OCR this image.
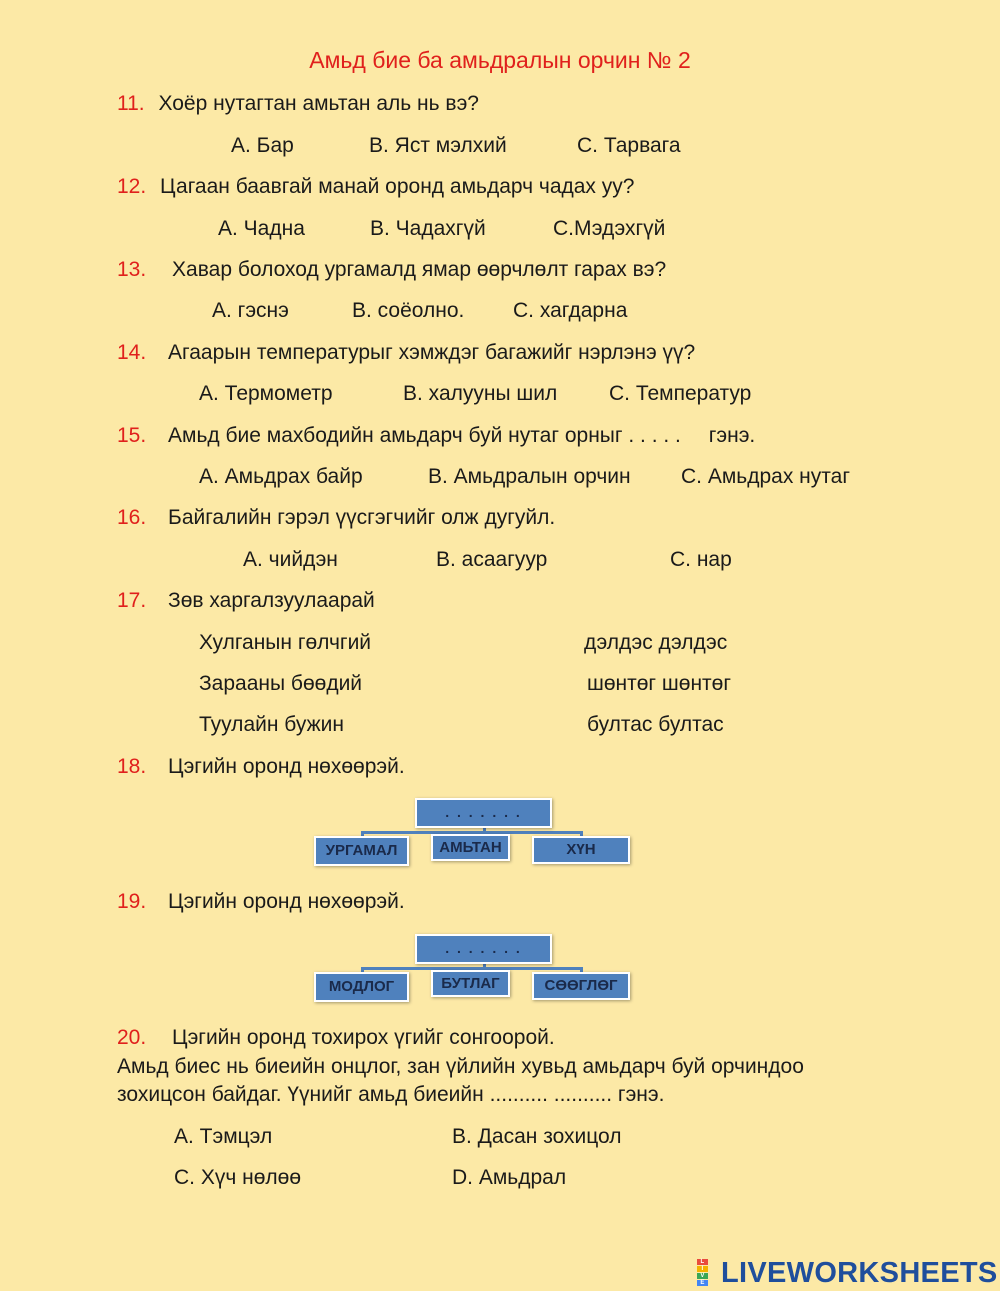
Амьд бие ба амьдралын орчин № 2
11. Хоёр нутагтан амьтан аль нь вэ?
А. Бар	В. Яст мэлхий	С. Тарвага
12. Цагаан баавгай манай оронд амьдарч чадах уу?
А. Чадна	В. Чадахгүй	С.Мэдэхгүй
13. Хавар болоход ургамалд ямар өөрчлөлт гарах вэ?
А. гэснэ	В. соёолно. С. хагдарна
14. Агаарын температурыг хэмждэг багажийг нэрлэнэ үү?
А. Термометр	В. халууны шил С. Температур
15. Амьд бие махбодийн амьдарч буй нутаг орныг . . . . . гэнэ.
А. Амьдрах байр	В. Амьдралын орчин С. Амьдрах нутаг
16. Байгалийн гэрэл үүсгэгчийг олж дугуйл.
А. чийдэн	В. асаагуур	С. нар
17. Зөв харгалзуулаарай
Хулганын гөлчгий	дэлдэс дэлдэс
Зарааны бөөдий	шөнтөг шөнтөг
Туулайн бужин	бултас бултас
18. Цэгийн оронд нөхөөрэй.
. . . . . . .
УРГАМАЛ	АМЬТАН	ХҮН
19. Цэгийн оронд нөхөөрэй.
. . . . . . .
МОДЛОГ	БУТЛАГ	СӨӨГЛӨГ
20. Цэгийн оронд тохирох үгийг сонгоорой.
Амьд биес нь биеийн онцлог, зан үйлийн хувьд амьдарч буй орчиндоо
зохицсон байдаг. Үүнийг амьд биеийн .......... .......... гэнэ.
А. Тэмцэл	В. Дасан зохицол
С. Хүч нөлөө	D. Амьдрал
L
I
V
E LIVEWORKSHEETS
